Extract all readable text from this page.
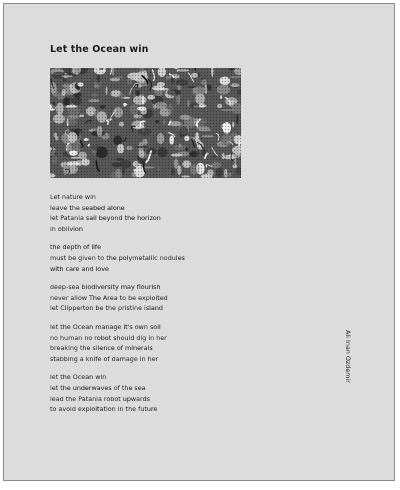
Let the Ocean win
Let nature win
leave the seabed alone
let Patania sail beyond the horizon
in oblivion
the depth of life
must be given to the polymetallic nodules
with care and love
deep-sea biodiversity may flourish
never allow The Area to be exploited
let Clipperton be the pristine island
let the Ocean manage it's own soil
no human no robot should dig in her
breaking the silence of minerals
stabbing a knife of damage in her
let the Ocean win
let the underwaves of the sea
lead the Patania robot upwards
to avoid exploitation in the future
Ali Inan Ozdemir
